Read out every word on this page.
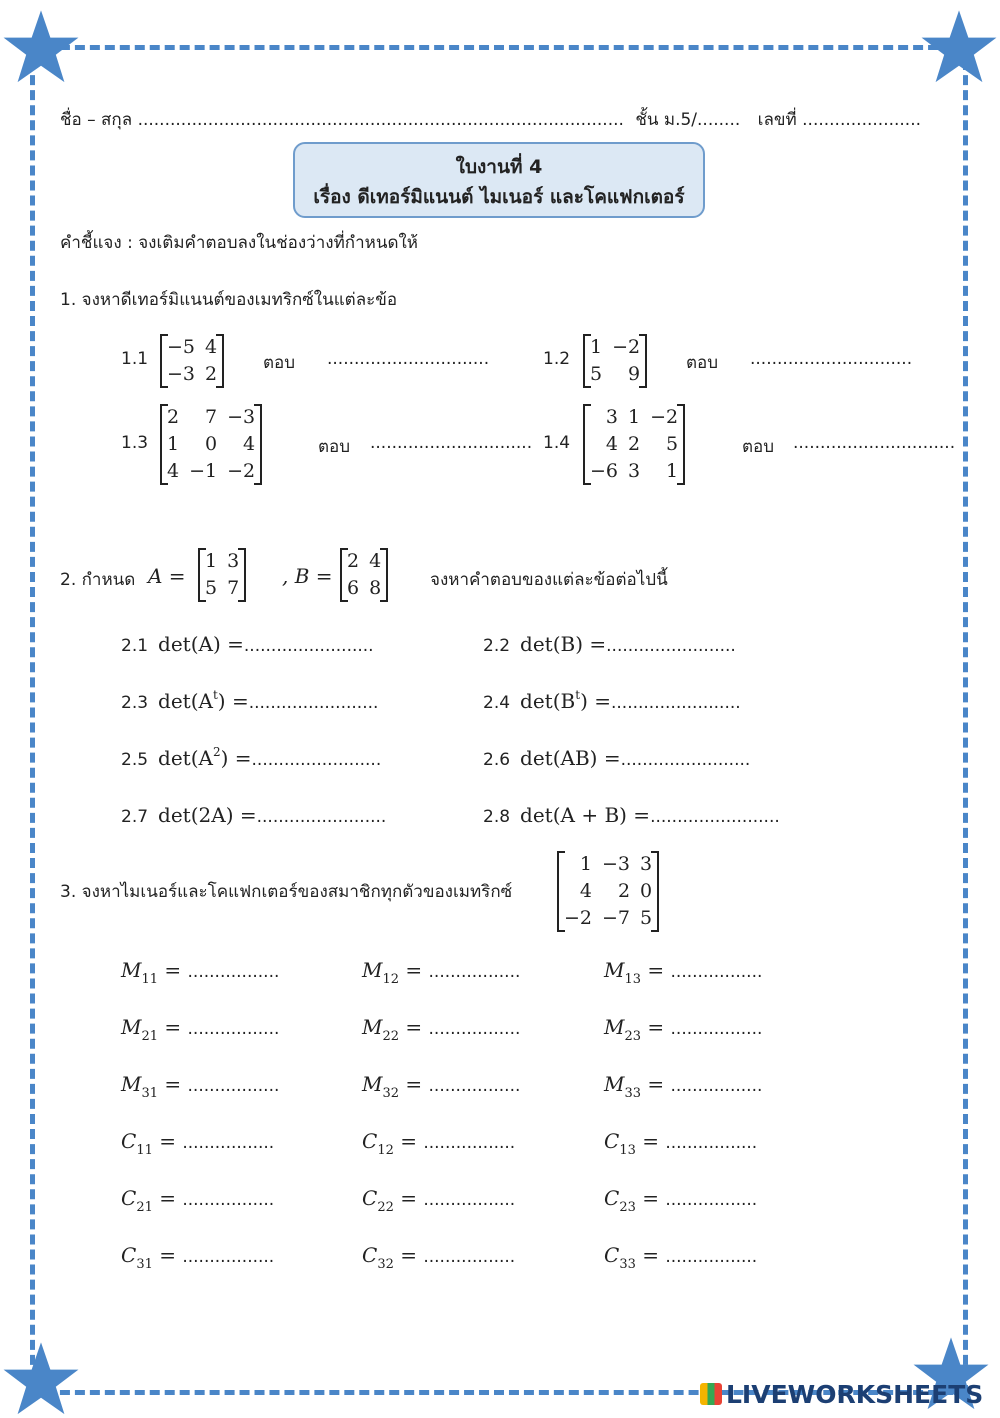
ชื่อ – สกุล .......................................................................................... ชั้น ม.5/........ เลขที่ ......................
ใบงานที่ 4
เรื่อง ดีเทอร์มิแนนต์ ไมเนอร์ และโคแฟกเตอร์
คำชี้แจง : จงเติมคำตอบลงในช่องว่างที่กำหนดให้
1. จงหาดีเทอร์มิแนนต์ของเมทริกซ์ในแต่ละข้อ
2. กำหนด A =
1	3
5	7 , B =
2	4
6	8	จงหาคำตอบของแต่ละข้อต่อไปนี้
3. จงหาไมเนอร์และโคแฟกเตอร์ของสมาชิกทุกตัวของเมทริกซ์
1	−3	3
4	2	0
−2	−7	5
LIVEWORKSHEETS
1.1
−5	4
−3	2	ตอบ ..............................	1.2
1	−2
5	9	ตอบ ..............................
1.3
2	7	−3
1	0	4
4	−1	−2
ตอบ .............................. 1.4
3	1	−2
4	2	5
−6	3	1
ตอบ ..............................
2.1 det(A) =........................	2.2 det(B) =........................
2.3 $\det(A^t)$ =........................	2.4 $\det(B^t)$ =........................
2.5 $\det(A^2)$ =........................	2.6 det(AB) =........................
2.7 det(2A) =........................	2.8 det(A + B) =........................
$M_{11}$ = .................	$M_{12}$ = .................	$M_{13}$ = .................
$M_{21}$ = .................	$M_{22}$ = .................	$M_{23}$ = .................
$M_{31}$ = .................	$M_{32}$ = .................	$M_{33}$ = .................
$C_{11}$ = .................	$C_{12}$ = .................	$C_{13}$ = .................
$C_{21}$ = .................	$C_{22}$ = .................	$C_{23}$ = .................
$C_{31}$ = .................	$C_{32}$ = .................	$C_{33}$ = .................
